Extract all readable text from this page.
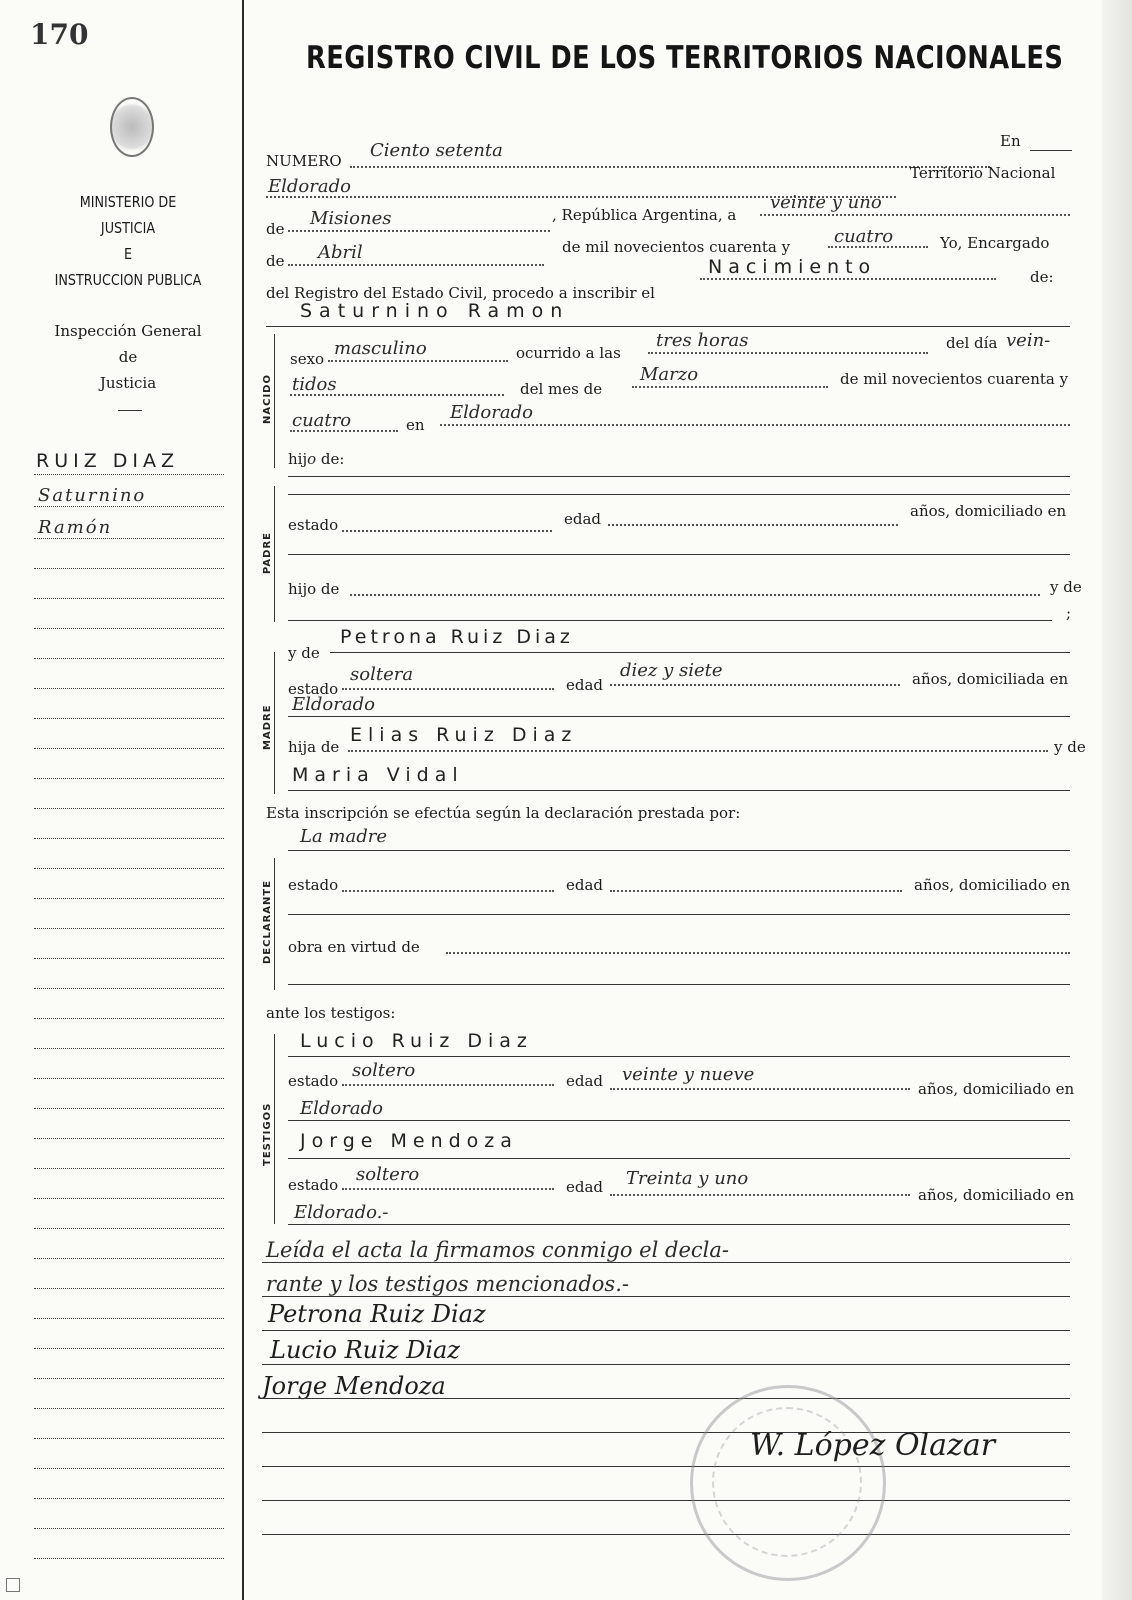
170
REGISTRO CIVIL DE LOS TERRITORIOS NACIONALES
MINISTERIO DE JUSTICIA
E
INSTRUCCION PUBLICA
Inspección General
de
Justicia
RUIZ DIAZ
Saturnino
Ramón
NUMERO Ciento setenta	En
Eldorado
Territorio Nacional
de Misiones	, República Argentina, a
veinte y uno
de Abril	de mil novecientos cuarenta y cuatro	Yo, Encargado
del Registro del Estado Civil, procedo a inscribir el
Nacimiento	de:
Saturnino Ramon
NACIDO
sexo masculino	ocurrido a las
tres horas	del día vein-
tidos	del mes de
Marzo	de mil novecientos cuarenta y
cuatro	en
Eldorado
hijo de:
PADRE
estado	edad	años, domiciliado en
hijo de	y de
;
MADRE
y de
Petrona Ruiz Diaz
estado
soltera	edad
diez y siete	años, domiciliada en
Eldorado
hija de
Elias Ruiz Diaz
y de
Maria Vidal
Esta inscripción se efectúa según la declaración prestada por:
La madre
DECLARANTE estado	edad	años, domiciliado en
obra en virtud de
ante los testigos:
TESTIGOS
Lucio Ruiz Diaz
estado soltero	edad veinte y nueve
años, domiciliado en
Eldorado
Jorge Mendoza
estado soltero
edad Treinta y uno
años, domiciliado en
Eldorado.-
Leída el acta la firmamos conmigo el decla-
rante y los testigos mencionados.-
Petrona Ruiz Diaz
Lucio Ruiz Diaz
Jorge Mendoza
W. López Olazar
